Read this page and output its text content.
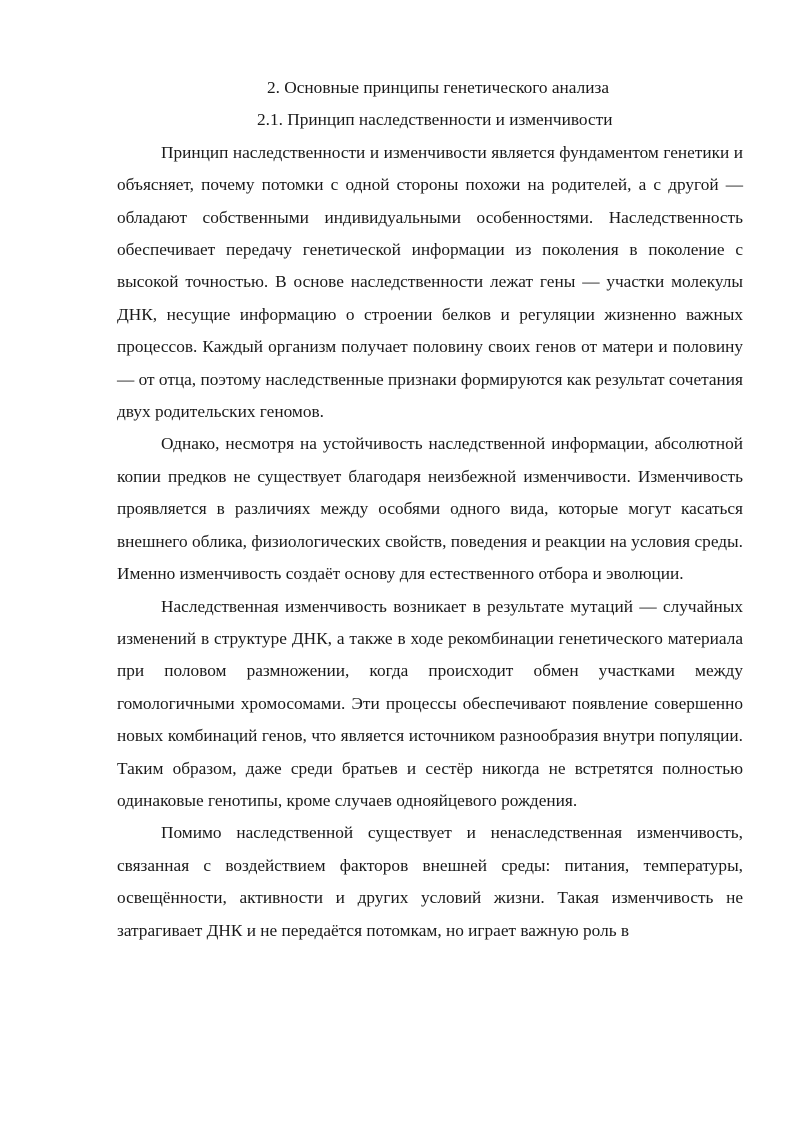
2. Основные принципы генетического анализа
2.1. Принцип наследственности и изменчивости

Принцип наследственности и изменчивости является фундаментом генетики и объясняет, почему потомки с одной стороны похожи на родителей, а с другой — обладают собственными индивидуальными особенностями. Наследственность обеспечивает передачу генетической информации из поколения в поколение с высокой точностью. В основе наследственности лежат гены — участки молекулы ДНК, несущие информацию о строении белков и регуляции жизненно важных процессов. Каждый организм получает половину своих генов от матери и половину — от отца, поэтому наследственные признаки формируются как результат сочетания двух родительских геномов.

Однако, несмотря на устойчивость наследственной информации, абсолютной копии предков не существует благодаря неизбежной изменчивости. Изменчивость проявляется в различиях между особями одного вида, которые могут касаться внешнего облика, физиологических свойств, поведения и реакции на условия среды. Именно изменчивость создаёт основу для естественного отбора и эволюции.

Наследственная изменчивость возникает в результате мутаций — случайных изменений в структуре ДНК, а также в ходе рекомбинации генетического материала при половом размножении, когда происходит обмен участками между гомологичными хромосомами. Эти процессы обеспечивают появление совершенно новых комбинаций генов, что является источником разнообразия внутри популяции. Таким образом, даже среди братьев и сестёр никогда не встретятся полностью одинаковые генотипы, кроме случаев однояйцевого рождения.

Помимо наследственной существует и ненаследственная изменчивость, связанная с воздействием факторов внешней среды: питания, температуры, освещённости, активности и других условий жизни. Такая изменчивость не затрагивает ДНК и не передаётся потомкам, но играет важную роль в
